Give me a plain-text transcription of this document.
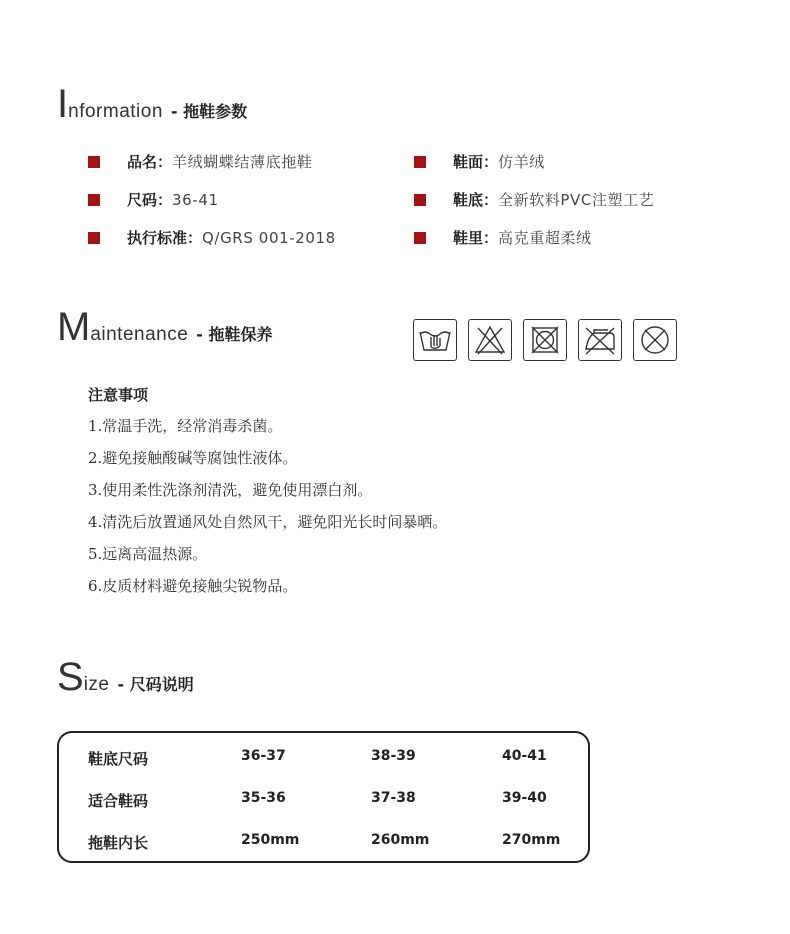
I nformation - 拖鞋参数
品名： 羊绒蝴蝶结薄底拖鞋	鞋面： 仿羊绒
尺码： 36-41	鞋底： 全新软料PVC注塑工艺
执行标准： Q/GRS 001-2018	鞋里： 高克重超柔绒
M aintenance - 拖鞋保养
注意事项
1.常温手洗，经常消毒杀菌。
2.避免接触酸碱等腐蚀性液体。
3.使用柔性洗涤剂清洗，避免使用漂白剂。
4.清洗后放置通风处自然风干，避免阳光长时间暴晒。
5.远离高温热源。
6.皮质材料避免接触尖锐物品。
S ize - 尺码说明
鞋底尺码	36-37	38-39	40-41
适合鞋码	35-36	37-38	39-40
拖鞋内长	250mm	260mm	270mm
